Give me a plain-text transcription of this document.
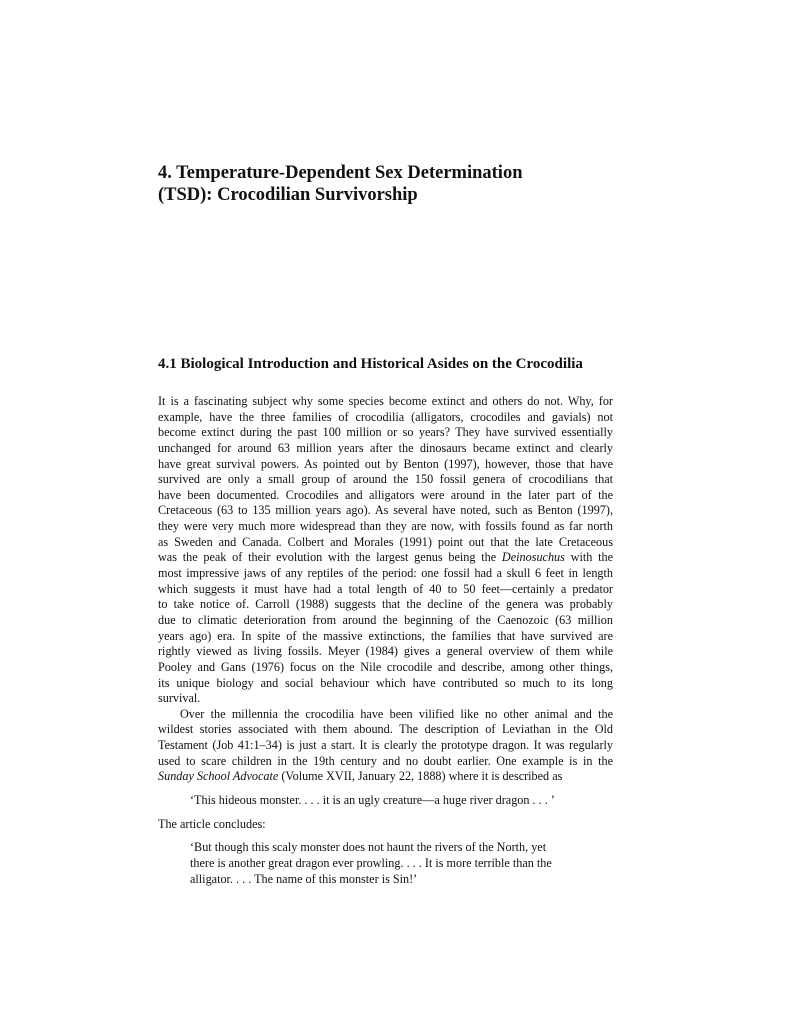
4. Temperature-Dependent Sex Determination
(TSD): Crocodilian Survivorship
4.1 Biological Introduction and Historical Asides on the Crocodilia
It is a fascinating subject why some species become extinct and others do not. Why, for
example, have the three families of crocodilia (alligators, crocodiles and gavials) not
become extinct during the past 100 million or so years? They have survived essentially
unchanged for around 63 million years after the dinosaurs became extinct and clearly
have great survival powers. As pointed out by Benton (1997), however, those that have
survived are only a small group of around the 150 fossil genera of crocodilians that
have been documented. Crocodiles and alligators were around in the later part of the
Cretaceous (63 to 135 million years ago). As several have noted, such as Benton (1997),
they were very much more widespread than they are now, with fossils found as far north
as Sweden and Canada. Colbert and Morales (1991) point out that the late Cretaceous
was the peak of their evolution with the largest genus being the Deinosuchus with the
most impressive jaws of any reptiles of the period: one fossil had a skull 6 feet in length
which suggests it must have had a total length of 40 to 50 feet—certainly a predator
to take notice of. Carroll (1988) suggests that the decline of the genera was probably
due to climatic deterioration from around the beginning of the Caenozoic (63 million
years ago) era. In spite of the massive extinctions, the families that have survived are
rightly viewed as living fossils. Meyer (1984) gives a general overview of them while
Pooley and Gans (1976) focus on the Nile crocodile and describe, among other things,
its unique biology and social behaviour which have contributed so much to its long
survival.
Over the millennia the crocodilia have been vilified like no other animal and the
wildest stories associated with them abound. The description of Leviathan in the Old
Testament (Job 41:1–34) is just a start. It is clearly the prototype dragon. It was regularly
used to scare children in the 19th century and no doubt earlier. One example is in the
Sunday School Advocate (Volume XVII, January 22, 1888) where it is described as
‘This hideous monster. . . . it is an ugly creature—a huge river dragon . . . ’
The article concludes:
‘But though this scaly monster does not haunt the rivers of the North, yet
there is another great dragon ever prowling. . . . It is more terrible than the
alligator. . . . The name of this monster is Sin!’
